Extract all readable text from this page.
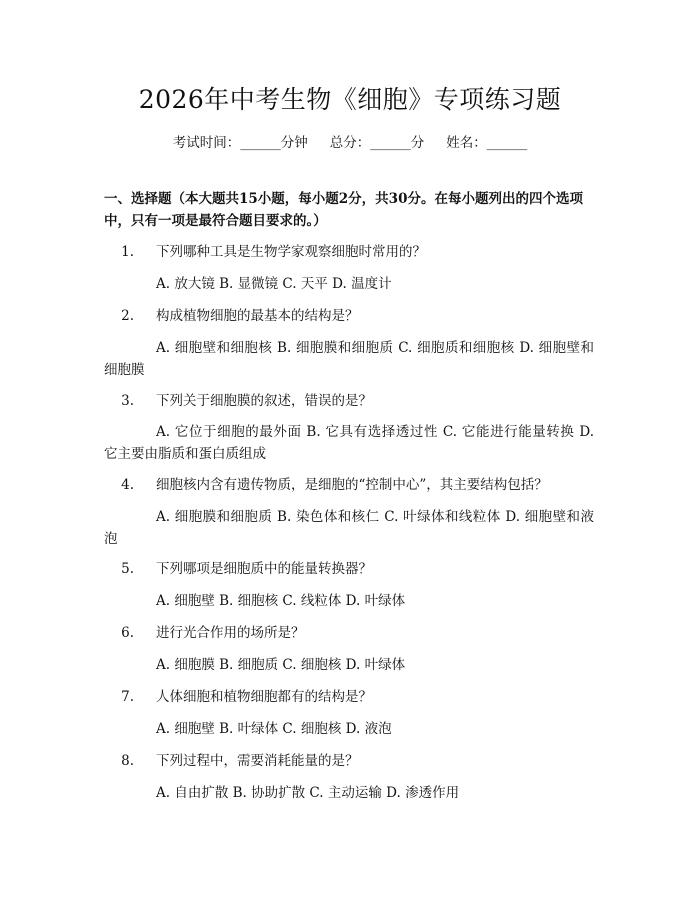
2026年中考生物《细胞》专项练习题
考试时间：______分钟 总分：______分 姓名：______
一、选择题（本大题共15小题，每小题2分，共30分。在每小题列出的四个选项中，只有一项是最符合题目要求的。）
1. 下列哪种工具是生物学家观察细胞时常用的？
A. 放大镜 B. 显微镜 C. 天平 D. 温度计
2. 构成植物细胞的最基本的结构是？
A. 细胞壁和细胞核 B. 细胞膜和细胞质 C. 细胞质和细胞核 D. 细胞壁和细胞膜
3. 下列关于细胞膜的叙述，错误的是？
A. 它位于细胞的最外面 B. 它具有选择透过性 C. 它能进行能量转换 D. 它主要由脂质和蛋白质组成
4. 细胞核内含有遗传物质，是细胞的“控制中心”，其主要结构包括？
A. 细胞膜和细胞质 B. 染色体和核仁 C. 叶绿体和线粒体 D. 细胞壁和液泡
5. 下列哪项是细胞质中的能量转换器？
A. 细胞壁 B. 细胞核 C. 线粒体 D. 叶绿体
6. 进行光合作用的场所是？
A. 细胞膜 B. 细胞质 C. 细胞核 D. 叶绿体
7. 人体细胞和植物细胞都有的结构是？
A. 细胞壁 B. 叶绿体 C. 细胞核 D. 液泡
8. 下列过程中，需要消耗能量的是？
A. 自由扩散 B. 协助扩散 C. 主动运输 D. 渗透作用
